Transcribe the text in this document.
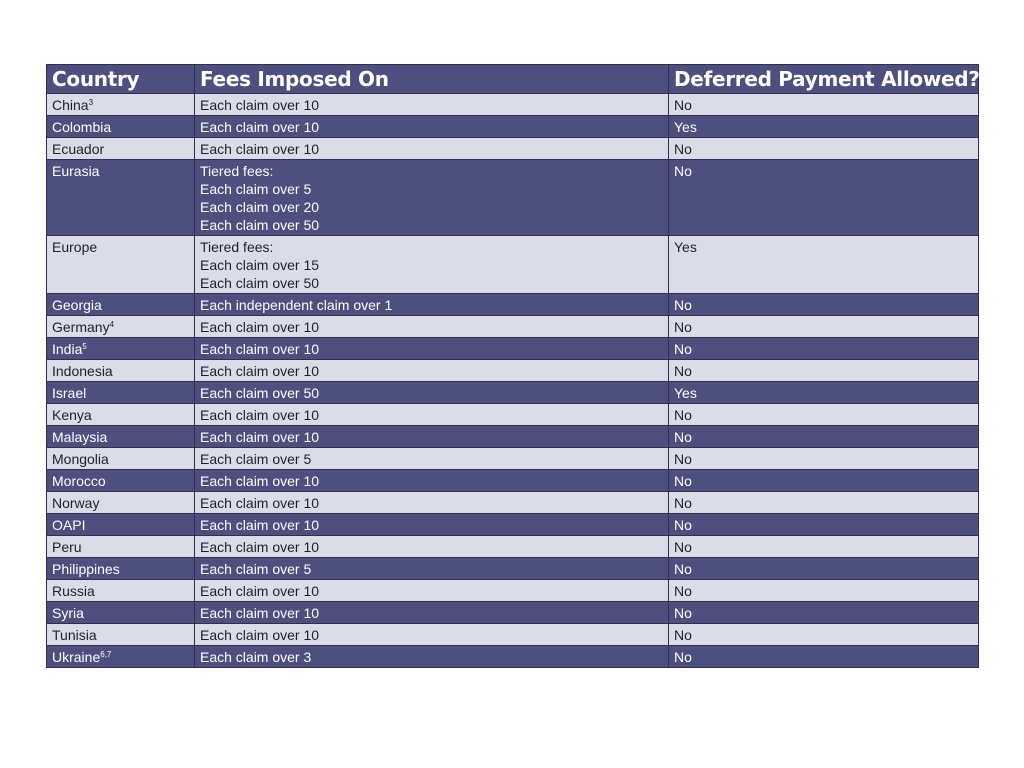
Country	Fees Imposed On	Deferred Payment Allowed?
China$^3$	Each claim over 10	No
Colombia	Each claim over 10	Yes
Ecuador	Each claim over 10	No
Eurasia	Tiered fees:
Each claim over 5
Each claim over 20
Each claim over 50	No
Europe	Tiered fees:
Each claim over 15
Each claim over 50	Yes
Georgia	Each independent claim over 1	No
Germany$^4$	Each claim over 10	No
India$^5$	Each claim over 10	No
Indonesia	Each claim over 10	No
Israel	Each claim over 50	Yes
Kenya	Each claim over 10	No
Malaysia	Each claim over 10	No
Mongolia	Each claim over 5	No
Morocco	Each claim over 10	No
Norway	Each claim over 10	No
OAPI	Each claim over 10	No
Peru	Each claim over 10	No
Philippines	Each claim over 5	No
Russia	Each claim over 10	No
Syria	Each claim over 10	No
Tunisia	Each claim over 10	No
Ukraine$^{6,7}$	Each claim over 3	No
